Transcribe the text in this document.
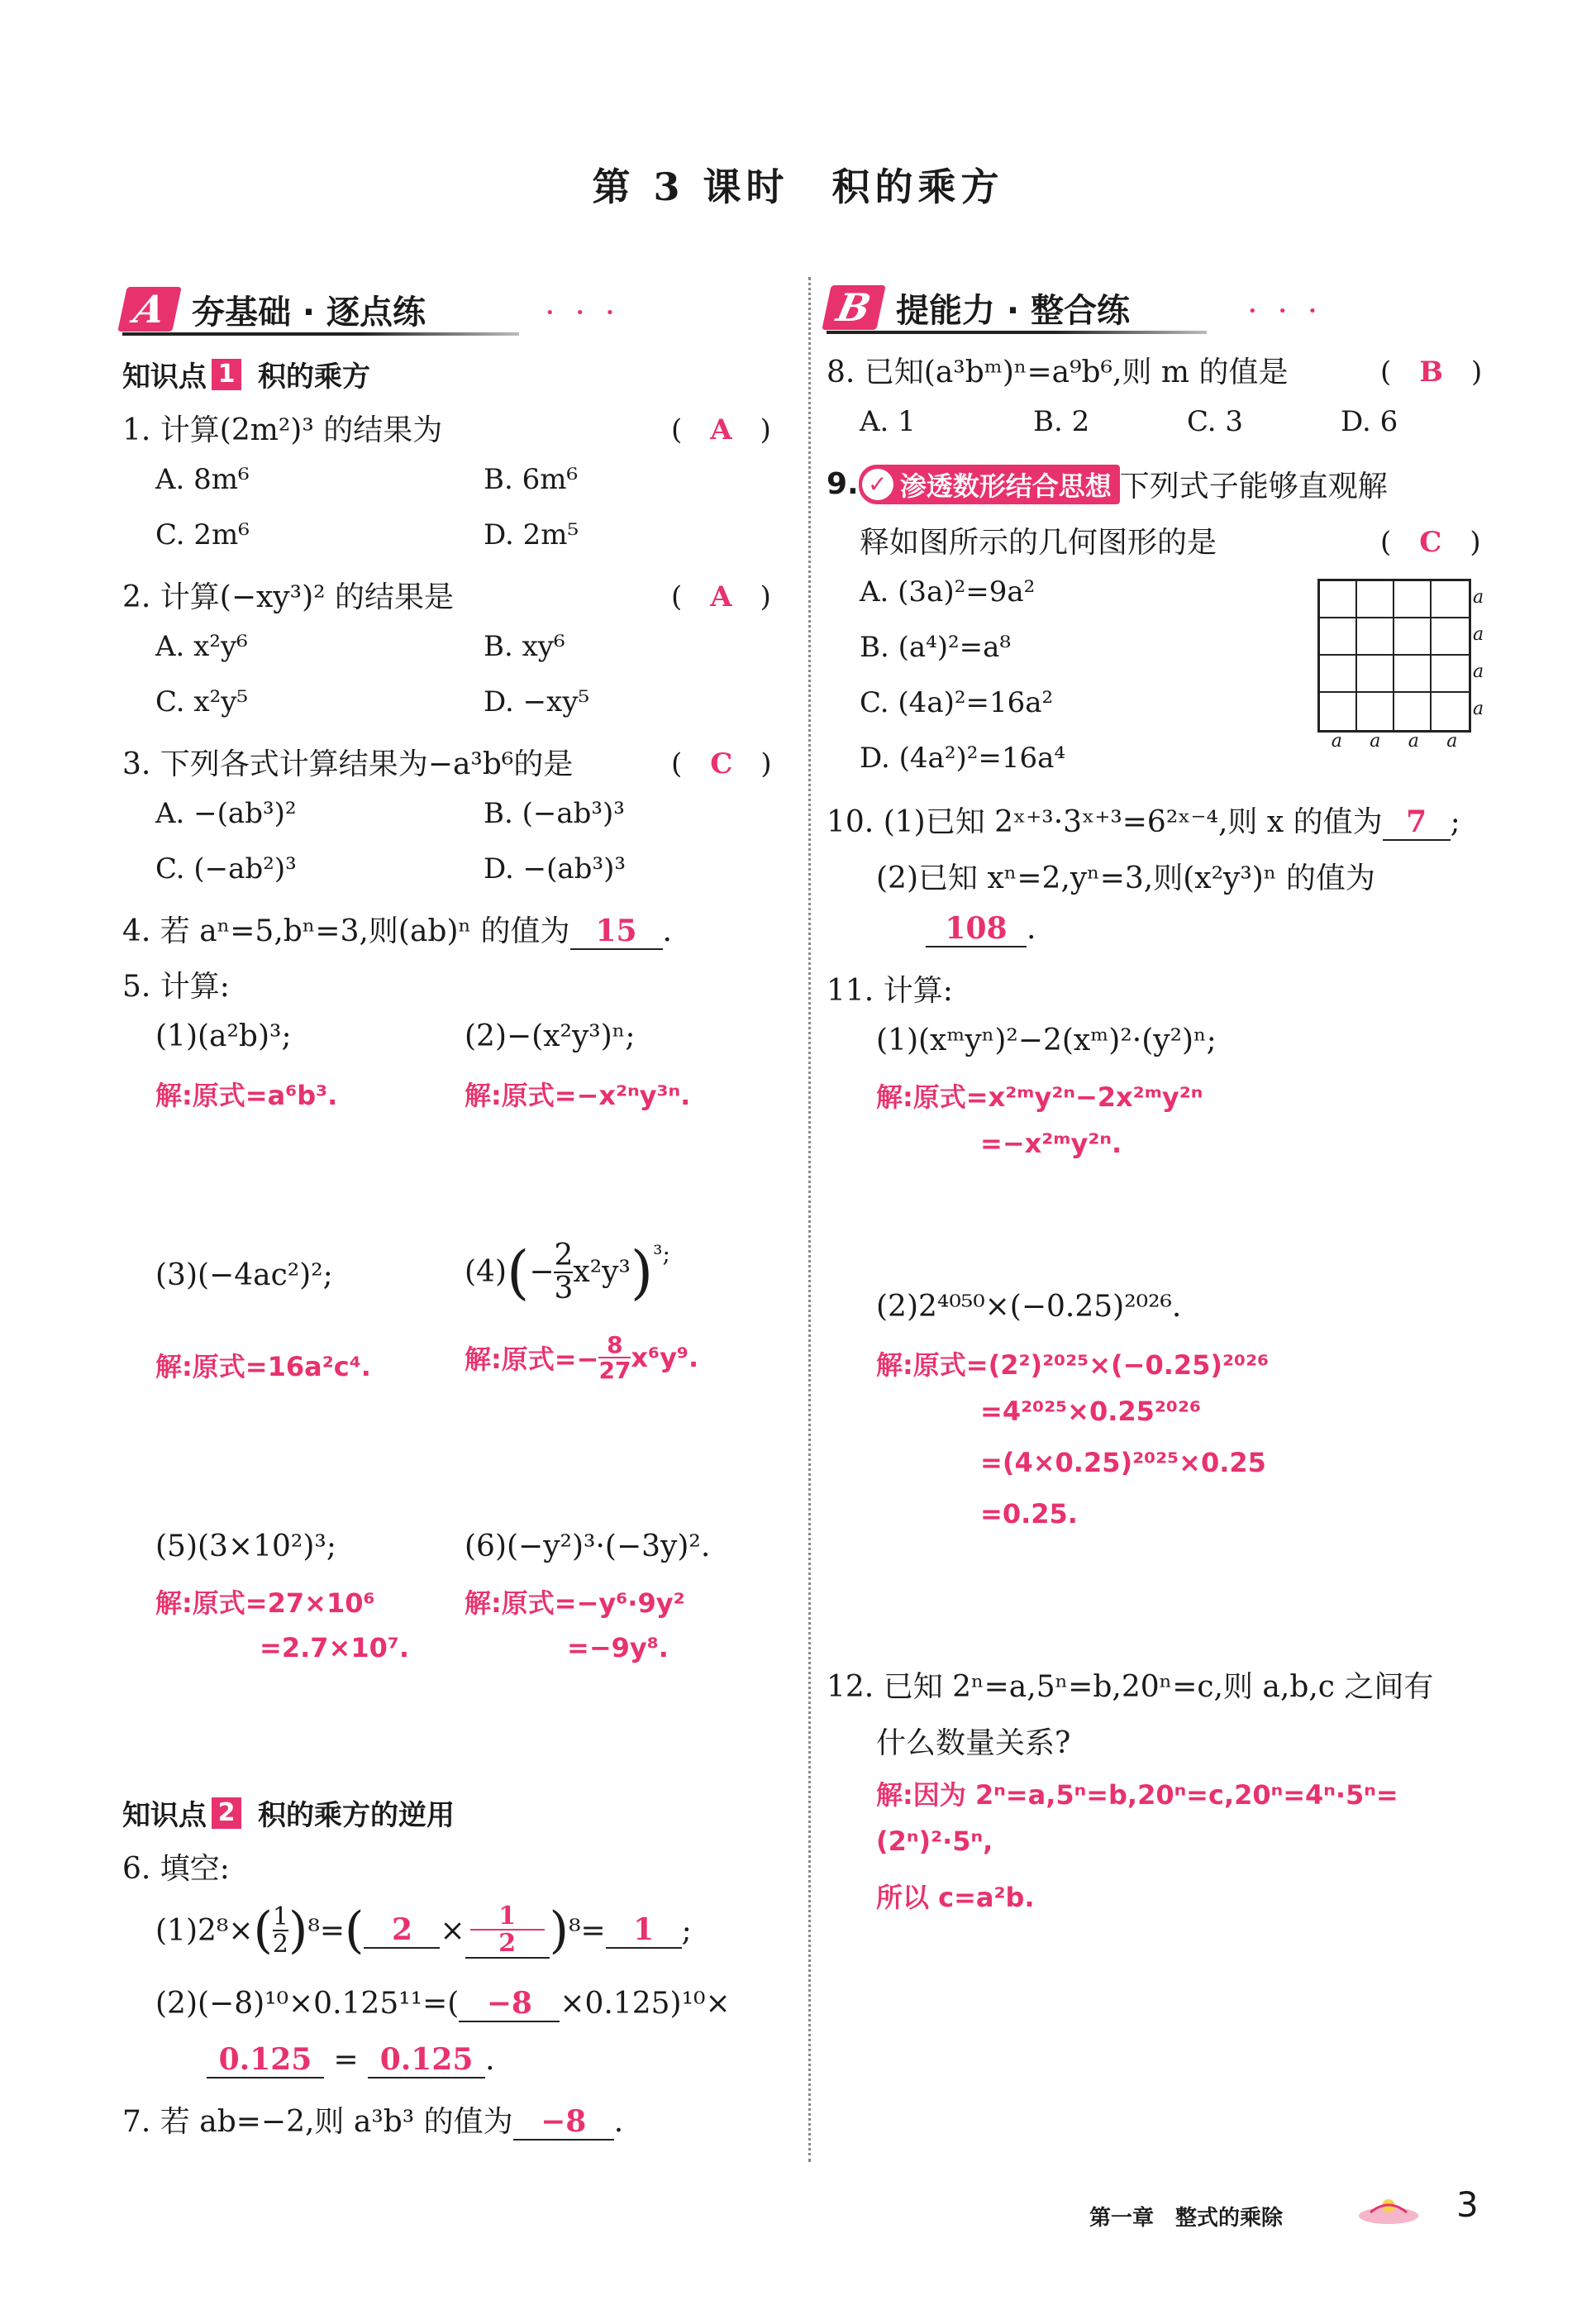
第 3 课时　积的乘方
A 夯基础 · 逐点练	• • •	B 提能力 · 整合练	• • •
知识点 1 积的乘方
1. 计算(2m²)³ 的结果为	(　A　)
A. 8m⁶	B. 6m⁶
C. 2m⁶	D. 2m⁵
2. 计算(−xy³)² 的结果是	(　A　)
A. x²y⁶	B. xy⁶
C. x²y⁵	D. −xy⁵
3. 下列各式计算结果为−a³b⁶的是	(　C　)
A. −(ab³)²	B. (−ab³)³
C. (−ab²)³	D. −(ab³)³
4. 若 aⁿ=5,bⁿ=3,则(ab)ⁿ 的值为 15 .
5. 计算:
(1)(a²b)³;	(2)−(x²y³)ⁿ;
解:原式=a⁶b³.	解:原式=−x²ⁿy³ⁿ.
(3)(−4ac²)²;	(4) ( − $\frac{2}{3} x^2y^3$ ) ³;
解:原式=16a²c⁴.	解:原式=− $\frac{8}{27} x^6y^9$.
(5)(3×10²)³;	(6)(−y²)³·(−3y)².
解:原式=27×10⁶
=2.7×10⁷.
解:原式=−y⁶·9y²
=−9y⁸.
知识点 2 积的乘方的逆用
6. 填空:
(1)2⁸× ( $\frac{1}{2}$ ) ⁸= ( $2 \times \frac{1}{2}$ ) ⁸= 1 ;
(2)(−8)¹⁰×0.125¹¹=( −8 ×0.125)¹⁰×
0.125 = 0.125 .
7. 若 ab=−2,则 a³b³ 的值为 −8 .
8. 已知(a³bᵐ)ⁿ=a⁹b⁶,则 m 的值是	(　B　)
A. 1	B. 2	C. 3	D. 6
9. ✓ 渗透数形结合思想 下列式子能够直观解
释如图所示的几何图形的是	(　C　)
A. (3a)²=9a²
B. (a⁴)²=a⁸
C. (4a)²=16a²
D. (4a²)²=16a⁴
a
a
a
a
a a a a
10. (1)已知 2ˣ⁺³·3ˣ⁺³=6²ˣ⁻⁴,则 x 的值为 7 ;
(2)已知 xⁿ=2,yⁿ=3,则(x²y³)ⁿ 的值为
108 .
11. 计算:
(1)(xᵐyⁿ)²−2(xᵐ)²·(y²)ⁿ;
解:原式=x²ᵐy²ⁿ−2x²ᵐy²ⁿ
=−x²ᵐy²ⁿ.
(2)2⁴⁰⁵⁰×(−0.25)²⁰²⁶.
解:原式=(2²)²⁰²⁵×(−0.25)²⁰²⁶
=4²⁰²⁵×0.25²⁰²⁶
=(4×0.25)²⁰²⁵×0.25
=0.25.
12. 已知 2ⁿ=a,5ⁿ=b,20ⁿ=c,则 a,b,c 之间有
什么数量关系?
解:因为 2ⁿ=a,5ⁿ=b,20ⁿ=c,20ⁿ=4ⁿ·5ⁿ=
(2ⁿ)²·5ⁿ,
所以 c=a²b.
第一章　整式的乘除	3
